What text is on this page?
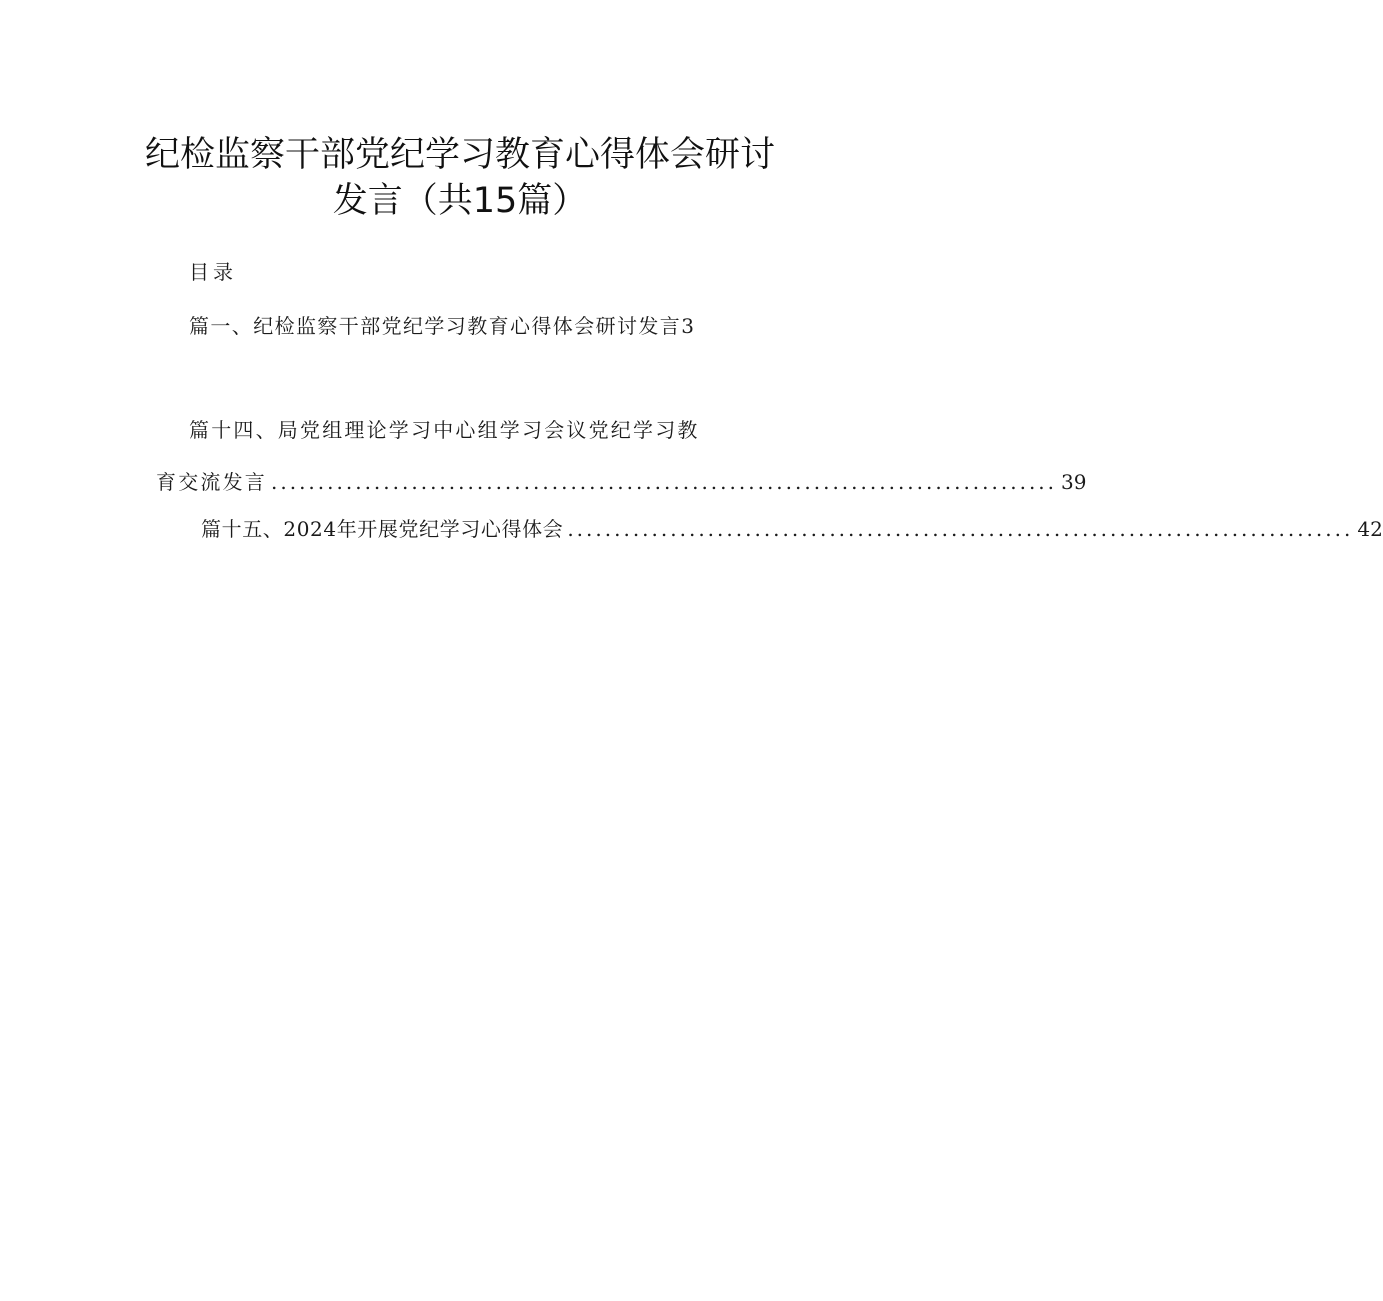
纪检监察干部党纪学习教育心得体会研讨
发言（共15篇）
目录
篇一、纪检监察干部党纪学习教育心得体会研讨发言3
篇十四、局党组理论学习中心组学习会议党纪学习教
育交流发言 .................................................................................... 39
篇十五、2024年开展党纪学习心得体会 .................................................................................... 42
